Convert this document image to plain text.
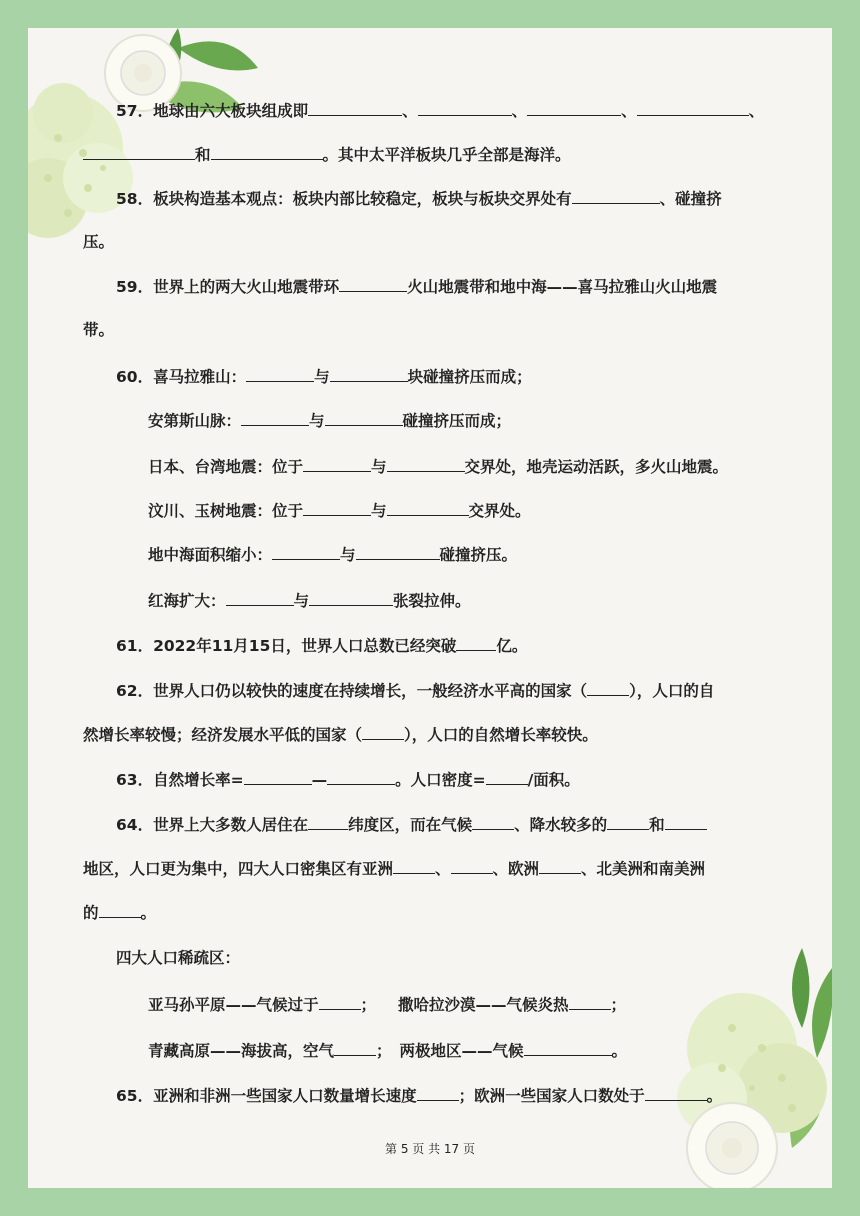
57．地球由六大板块组成即	、	、	、	、
和	。其中太平洋板块几乎全部是海洋。
58．板块构造基本观点：板块内部比较稳定，板块与板块交界处有	、碰撞挤
压。
59．世界上的两大火山地震带环	火山地震带和地中海——喜马拉雅山火山地震
带。
60．喜马拉雅山：	与	块碰撞挤压而成；
安第斯山脉：	与	碰撞挤压而成；
日本、台湾地震：位于	与	交界处，地壳运动活跃，多火山地震。
汶川、玉树地震：位于	与	交界处。
地中海面积缩小：	与	碰撞挤压。
红海扩大：	与	张裂拉伸。
61．2022年11月15日，世界人口总数已经突破	亿。
62．世界人口仍以较快的速度在持续增长，一般经济水平高的国家（	），人口的自
然增长率较慢；经济发展水平低的国家（	），人口的自然增长率较快。
63．自然增长率=	—	。人口密度=	/面积。
64．世界上大多数人居住在	纬度区，而在气候	、降水较多的	和
地区，人口更为集中，四大人口密集区有亚洲	、	、欧洲	、北美洲和南美洲
的	。
四大人口稀疏区：
亚马孙平原——气候过于	； 撒哈拉沙漠——气候炎热	；
青藏高原——海拔高，空气	； 两极地区——气候	。
65．亚洲和非洲一些国家人口数量增长速度	；欧洲一些国家人口数处于	。
第 5 页 共 17 页
